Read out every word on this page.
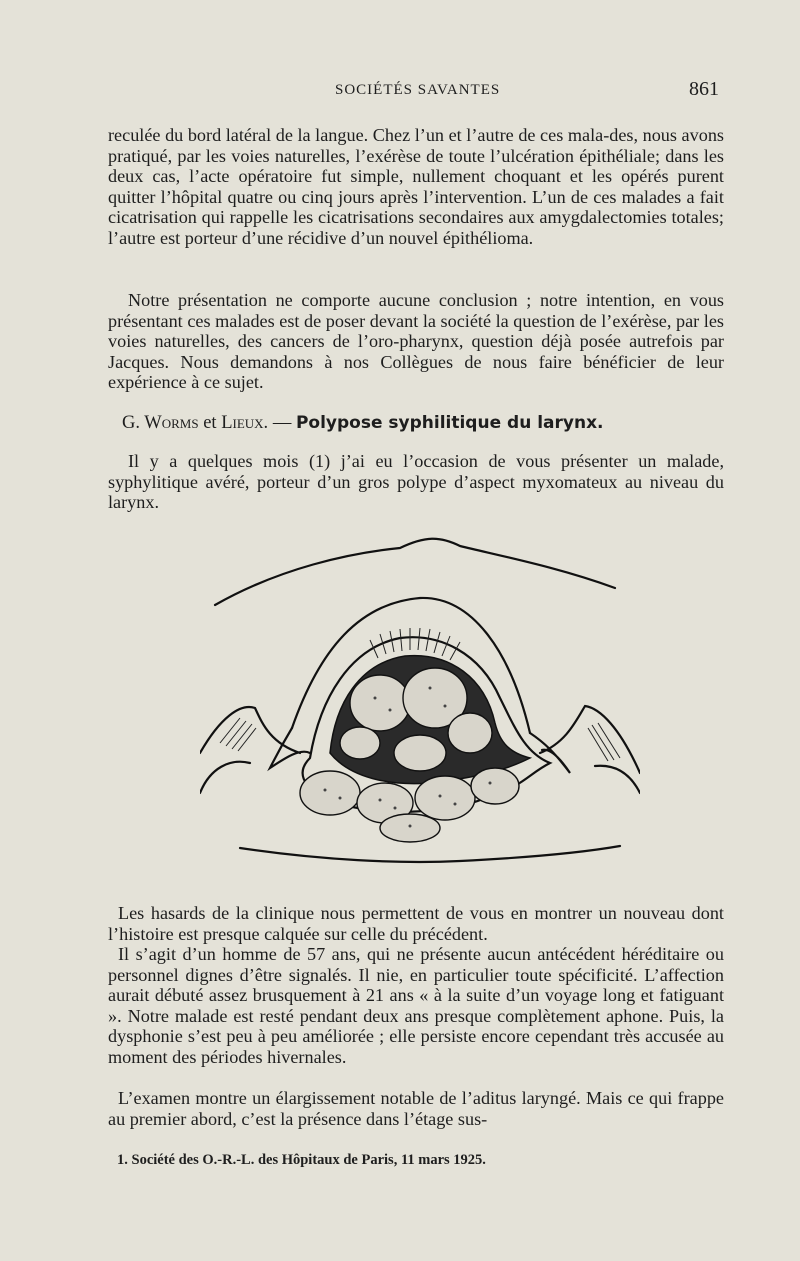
SOCIÉTÉS SAVANTES	861

reculée du bord latéral de la langue. Chez l’un et l’autre de ces mala-des, nous avons pratiqué, par les voies naturelles, l’exérèse de toute l’ulcération épithéliale; dans les deux cas, l’acte opératoire fut simple, nullement choquant et les opérés purent quitter l’hôpital quatre ou cinq jours après l’intervention. L’un de ces malades a fait cicatrisation qui rappelle les cicatrisations secondaires aux amygdalectomies totales; l’autre est porteur d’une récidive d’un nouvel épithélioma.

Notre présentation ne comporte aucune conclusion ; notre intention, en vous présentant ces malades est de poser devant la société la question de l’exérèse, par les voies naturelles, des cancers de l’oro-pharynx, question déjà posée autrefois par Jacques. Nous demandons à nos Collègues de nous faire bénéficier de leur expérience à ce sujet.

G. Worms et Lieux. — Polypose syphilitique du larynx.

Il y a quelques mois (1) j’ai eu l’occasion de vous présenter un malade, syphylitique avéré, porteur d’un gros polype d’aspect myxomateux au niveau du larynx.

Les hasards de la clinique nous permettent de vous en montrer un nouveau dont l’histoire est presque calquée sur celle du précédent.

Il s’agit d’un homme de 57 ans, qui ne présente aucun antécédent héréditaire ou personnel dignes d’être signalés. Il nie, en particulier toute spécificité. L’affection aurait débuté assez brusquement à 21 ans « à la suite d’un voyage long et fatiguant ». Notre malade est resté pendant deux ans presque complètement aphone. Puis, la dysphonie s’est peu à peu améliorée ; elle persiste encore cependant très accusée au moment des périodes hivernales.

L’examen montre un élargissement notable de l’aditus laryngé. Mais ce qui frappe au premier abord, c’est la présence dans l’étage sus-

1. Société des O.-R.-L. des Hôpitaux de Paris, 11 mars 1925.
